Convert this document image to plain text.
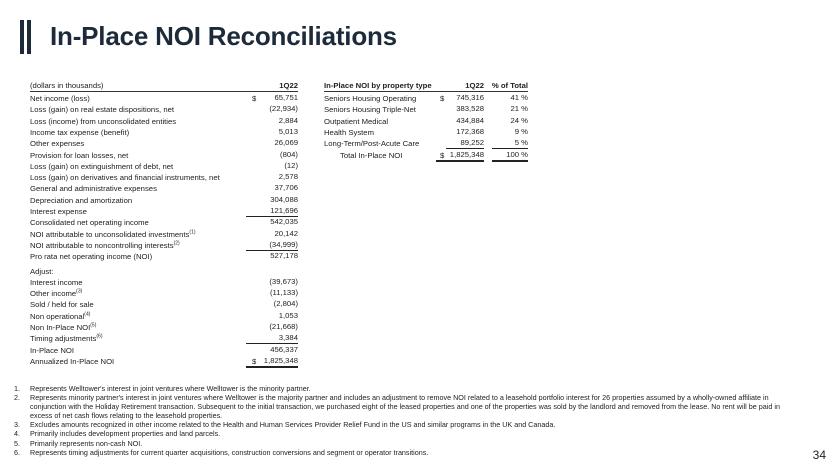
In-Place NOI Reconciliations
(dollars in thousands)	1Q22
Net income (loss)	$	65,751
Loss (gain) on real estate dispositions, net	(22,934)
Loss (income) from unconsolidated entities	2,884
Income tax expense (benefit)	5,013
Other expenses	26,069
Provision for loan losses, net	(804)
Loss (gain) on extinguishment of debt, net	(12)
Loss (gain) on derivatives and financial instruments, net	2,578
General and administrative expenses	37,706
Depreciation and amortization	304,088
Interest expense	121,696
Consolidated net operating income	542,035
NOI attributable to unconsolidated investments$^{(1)}$	20,142
NOI attributable to noncontrolling interests$^{(2)}$	(34,999)
Pro rata net operating income (NOI)	527,178
Adjust:
Interest income	(39,673)
Other income$^{(3)}$	(11,133)
Sold / held for sale	(2,804)
Non operational$^{(4)}$	1,053
Non In-Place NOI$^{(5)}$	(21,668)
Timing adjustments$^{(6)}$	3,384
In-Place NOI	456,337
Annualized In-Place NOI	$ 1,825,348
In-Place NOI by property type	1Q22	% of Total
Seniors Housing Operating	$	745,316	41 %
Seniors Housing Triple-Net	383,528	21 %
Outpatient Medical	434,884	24 %
Health System	172,368	9 %
Long-Term/Post-Acute Care	89,252	5 %
Total In-Place NOI	$ 1,825,348	100 %
1. Represents Welltower's interest in joint ventures where Welltower is the minority partner.
2. Represents minority partner's interest in joint ventures where Welltower is the majority partner and includes an adjustment to remove NOI related to a leasehold portfolio interest for 26 properties assumed by a wholly-owned affiliate in conjunction with the Holiday Retirement transaction. Subsequent to the initial transaction, we purchased eight of the leased properties and one of the properties was sold by the landlord and removed from the lease. No rent will be paid in excess of net cash flows relating to the leasehold properties.
3. Excludes amounts recognized in other income related to the Health and Human Services Provider Relief Fund in the US and similar programs in the UK and Canada.
4. Primarily includes development properties and land parcels.
5. Primarily represents non-cash NOI.
6. Represents timing adjustments for current quarter acquisitions, construction conversions and segment or operator transitions.	34
